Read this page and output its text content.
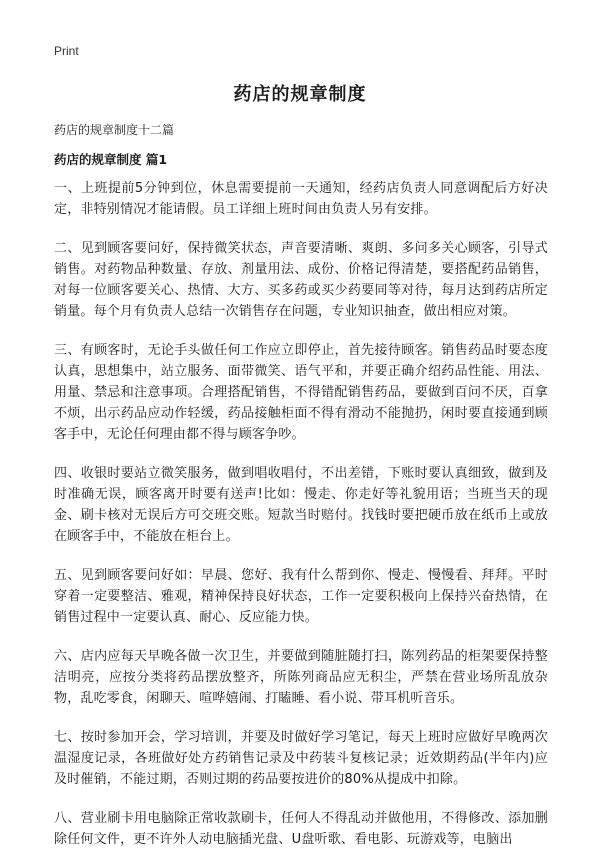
Print
药店的规章制度

药店的规章制度十二篇

药店的规章制度 篇1

一、上班提前5分钟到位，休息需要提前一天通知，经药店负责人同意调配后方好决定，非特别情况才能请假。员工详细上班时间由负责人另有安排。

二、见到顾客要问好，保持微笑状态，声音要清晰、爽朗、多问多关心顾客，引导式销售。对药物品种数量、存放、剂量用法、成份、价格记得清楚，要搭配药品销售，对每一位顾客要关心、热情、大方、买多药或买少药要同等对待，每月达到药店所定销量。每个月有负责人总结一次销售存在问题，专业知识抽查，做出相应对策。

三、有顾客时，无论手头做任何工作应立即停止，首先接待顾客。销售药品时要态度认真，思想集中，站立服务、面带微笑、语气平和，并要正确介绍药品性能、用法、用量、禁忌和注意事项。合理搭配销售，不得错配销售药品，要做到百问不厌，百拿不烦，出示药品应动作轻缓，药品接触柜面不得有滑动不能抛扔，闲时要直接通到顾客手中，无论任何理由都不得与顾客争吵。

四、收银时要站立微笑服务，做到唱收唱付，不出差错，下账时要认真细致，做到及时准确无误，顾客离开时要有送声!比如：慢走、你走好等礼貌用语；当班当天的现金、刷卡核对无误后方可交班交账。短款当时赔付。找钱时要把硬币放在纸币上或放在顾客手中，不能放在柜台上。

五、见到顾客要问好如：早晨、您好、我有什么帮到你、慢走、慢慢看、拜拜。平时穿着一定要整洁、雅观，精神保持良好状态，工作一定要积极向上保持兴奋热情，在销售过程中一定要认真、耐心、反应能力快。

六、店内应每天早晚各做一次卫生，并要做到随脏随打扫，陈列药品的柜架要保持整洁明亮，应按分类将药品摆放整齐，所陈列商品应无积尘，严禁在营业场所乱放杂物，乱吃零食，闲聊天、喧哗嬉闹、打瞌睡、看小说、带耳机听音乐。

七、按时参加开会，学习培训，并要及时做好学习笔记，每天上班时应做好早晚两次温湿度记录，各班做好处方药销售记录及中药装斗复核记录；近效期药品(半年内)应及时催销，不能过期，否则过期的药品要按进价的80%从提成中扣除。

八、营业刷卡用电脑除正常收款刷卡，任何人不得乱动并做他用，不得修改、添加删除任何文件，更不许外人动电脑插光盘、U盘听歌、看电影、玩游戏等，电脑出
